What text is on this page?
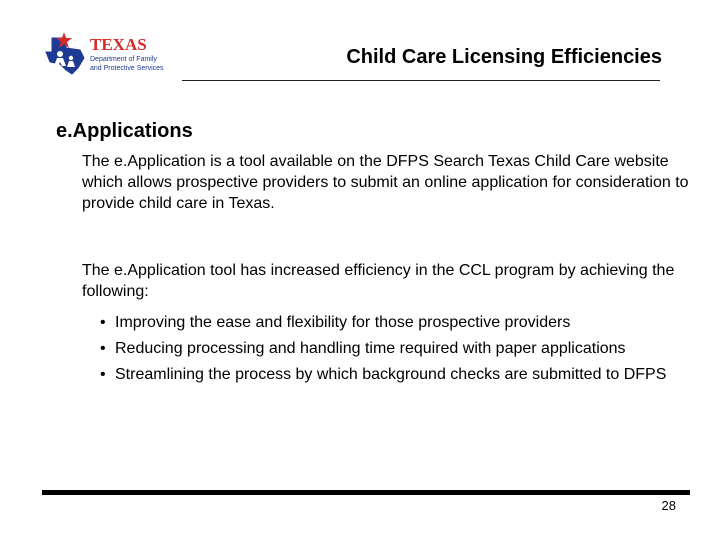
TEXAS
Department of Family
and Protective Services
Child Care Licensing Efficiencies
e.Applications
The e.Application is a tool available on the DFPS Search Texas Child Care website which allows prospective providers to submit an online application for consideration to provide child care in Texas.
The e.Application tool has increased efficiency in the CCL program by achieving the following:
• Improving the ease and flexibility for those prospective providers
• Reducing processing and handling time required with paper applications
• Streamlining the process by which background checks are submitted to DFPS
28
